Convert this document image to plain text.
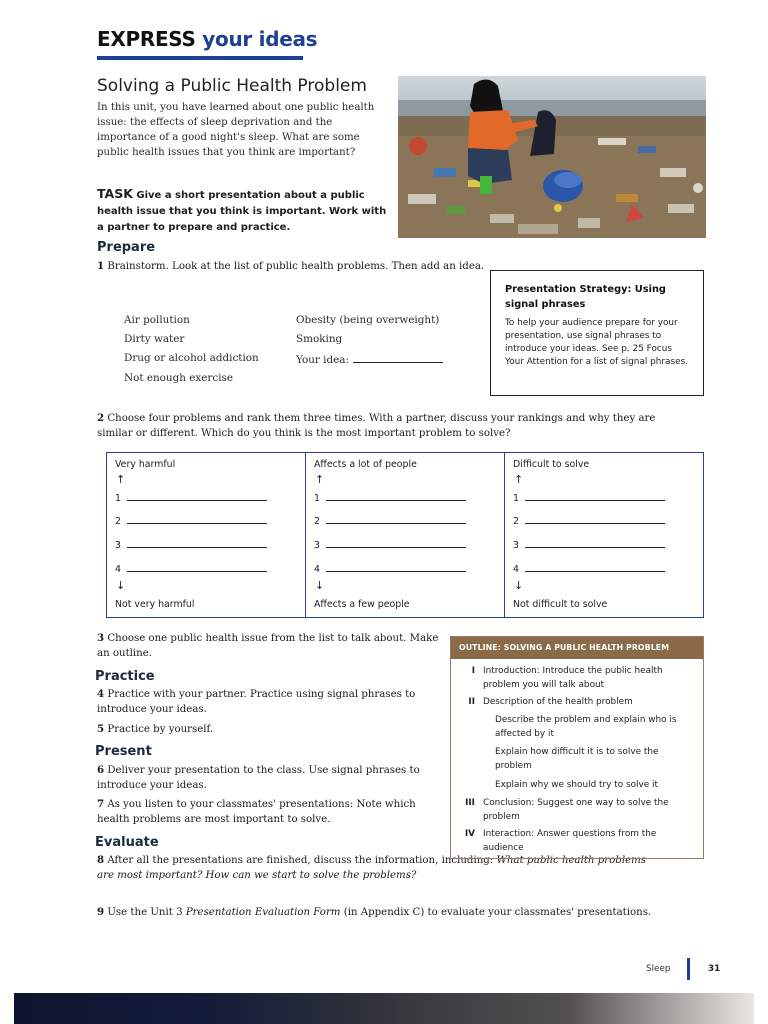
EXPRESS your ideas
Solving a Public Health Problem
In this unit, you have learned about one public health issue: the effects of sleep deprivation and the importance of a good night's sleep. What are some public health issues that you think are important?
TASK Give a short presentation about a public health issue that you think is important. Work with a partner to prepare and practice.
Prepare
1 Brainstorm. Look at the list of public health problems. Then add an idea.
Air pollution
Dirty water
Drug or alcohol addiction
Not enough exercise
Obesity (being overweight)
Smoking
Your idea:
Presentation Strategy: Using signal phrases
To help your audience prepare for your presentation, use signal phrases to introduce your ideas. See p. 25 Focus Your Attention for a list of signal phrases.
2 Choose four problems and rank them three times. With a partner, discuss your rankings and why they are similar or different. Which do you think is the most important problem to solve?
Very harmful
↑
1
2
3
4
↓
Not very harmful
Affects a lot of people
↑
1
2
3
4
↓
Affects a few people
Difficult to solve
↑
1
2
3
4
↓
Not difficult to solve
3 Choose one public health issue from the list to talk about. Make an outline.
Practice
4 Practice with your partner. Practice using signal phrases to introduce your ideas.
5 Practice by yourself.
Present
6 Deliver your presentation to the class. Use signal phrases to introduce your ideas.
7 As you listen to your classmates' presentations: Note which health problems are most important to solve.
Evaluate
8 After all the presentations are finished, discuss the information, including: What public health problems are most important? How can we start to solve the problems?
9 Use the Unit 3 Presentation Evaluation Form (in Appendix C) to evaluate your classmates' presentations.
OUTLINE: SOLVING A PUBLIC HEALTH PROBLEM
I Introduction: Introduce the public health problem you will talk about
II Description of the health problem
Describe the problem and explain who is affected by it
Explain how difficult it is to solve the problem
Explain why we should try to solve it
III Conclusion: Suggest one way to solve the problem
IV Interaction: Answer questions from the audience
Sleep	31
